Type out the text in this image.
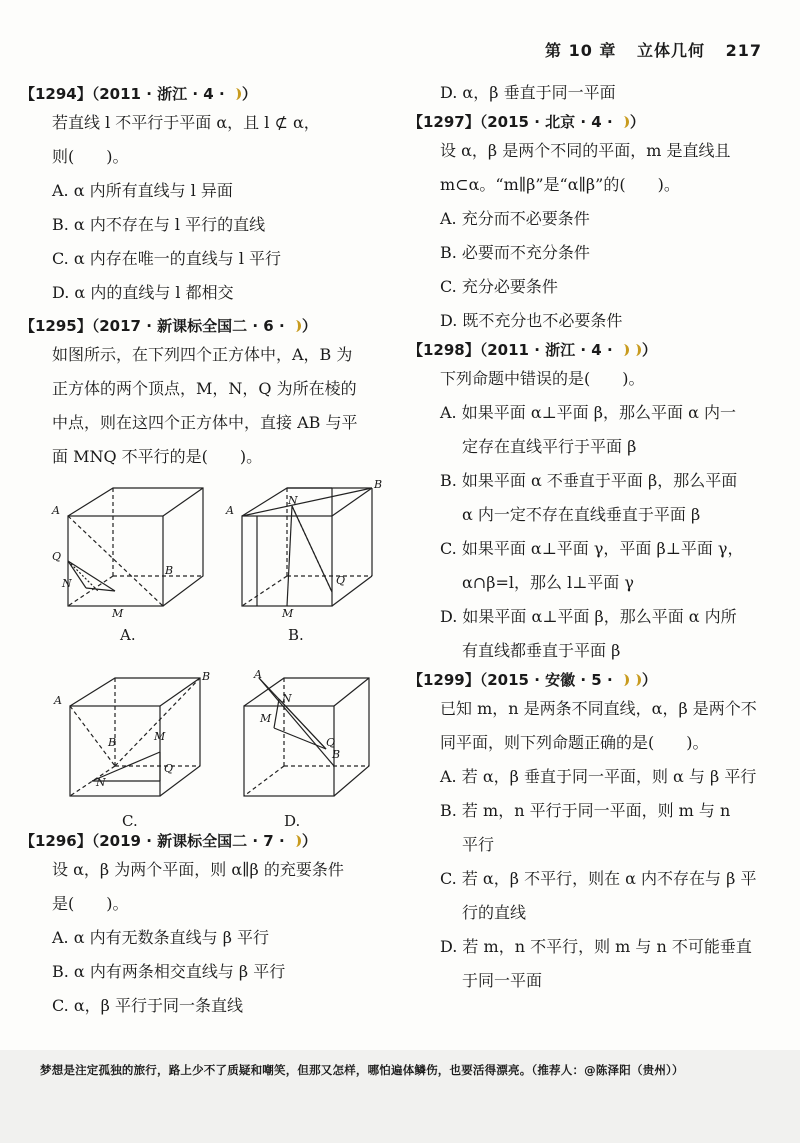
第 10 章 立体几何 217
【1294】（2011 · 浙江 · 4 · ）
若直线 l 不平行于平面 α，且 l ⊄ α，
则(　　)。
A. α 内所有直线与 l 异面
B. α 内不存在与 l 平行的直线
C. α 内存在唯一的直线与 l 平行
D. α 内的直线与 l 都相交
【1295】（2017 · 新课标全国二 · 6 · ）
如图所示，在下列四个正方体中，A，B 为
正方体的两个顶点，M，N，Q 为所在棱的
中点，则在这四个正方体中，直接 AB 与平
面 MNQ 不平行的是(　　)。
A
Q
N
B
M
A.
A
B
N
Q
M
B.
A
B
B	M
N
Q
C.
A
N
M
Q
B
D.
【1296】（2019 · 新课标全国二 · 7 · ）
设 α，β 为两个平面，则 α∥β 的充要条件
是(　　)。
A. α 内有无数条直线与 β 平行
B. α 内有两条相交直线与 β 平行
C. α，β 平行于同一条直线
D. α，β 垂直于同一平面
【1297】（2015 · 北京 · 4 · ）
设 α，β 是两个不同的平面，m 是直线且
m⊂α。“m∥β”是“α∥β”的(　　)。
A. 充分而不必要条件
B. 必要而不充分条件
C. 充分必要条件
D. 既不充分也不必要条件
【1298】（2011 · 浙江 · 4 · ）
下列命题中错误的是(　　)。
A. 如果平面 α⊥平面 β，那么平面 α 内一
定存在直线平行于平面 β
B. 如果平面 α 不垂直于平面 β，那么平面
α 内一定不存在直线垂直于平面 β
C. 如果平面 α⊥平面 γ，平面 β⊥平面 γ，
α∩β=l，那么 l⊥平面 γ
D. 如果平面 α⊥平面 β，那么平面 α 内所
有直线都垂直于平面 β
【1299】（2015 · 安徽 · 5 · ）
已知 m，n 是两条不同直线，α，β 是两个不
同平面，则下列命题正确的是(　　)。
A. 若 α，β 垂直于同一平面，则 α 与 β 平行
B. 若 m，n 平行于同一平面，则 m 与 n
平行
C. 若 α，β 不平行，则在 α 内不存在与 β 平
行的直线
D. 若 m，n 不平行，则 m 与 n 不可能垂直
于同一平面
梦想是注定孤独的旅行，路上少不了质疑和嘲笑，但那又怎样，哪怕遍体鳞伤，也要活得漂亮。（推荐人：@陈泽阳（贵州））
